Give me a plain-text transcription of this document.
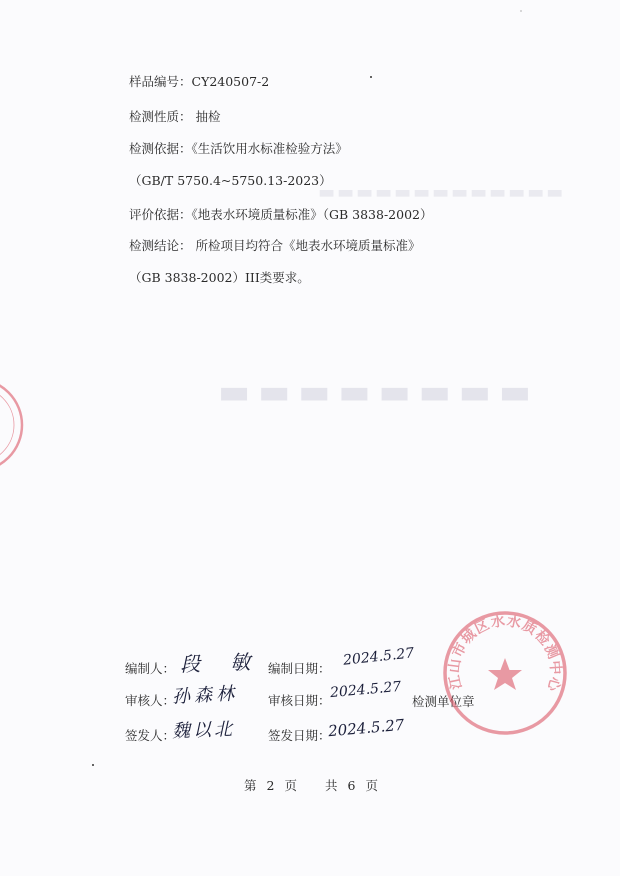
▬▬▬▬▬▬▬▬▬▬▬▬▬
▬▬▬▬▬▬▬▬
样品编号：CY240507-2
检测性质： 抽检
检测依据：《生活饮用水标准检验方法》
（GB/T 5750.4~5750.13-2023）
评价依据：《地表水环境质量标准》（GB 3838-2002）
检测结论： 所检项目均符合《地表水环境质量标准》
（GB 3838-2002）III类要求。
编制人：
审核人：
签发人：
段 敏
孙森林
魏以北
编制日期：
审核日期：
签发日期：
2024.5.27
2024.5.27
2024.5.27
检测单位章
江山市城区水水质检测中心
第 2 页 共 6 页
